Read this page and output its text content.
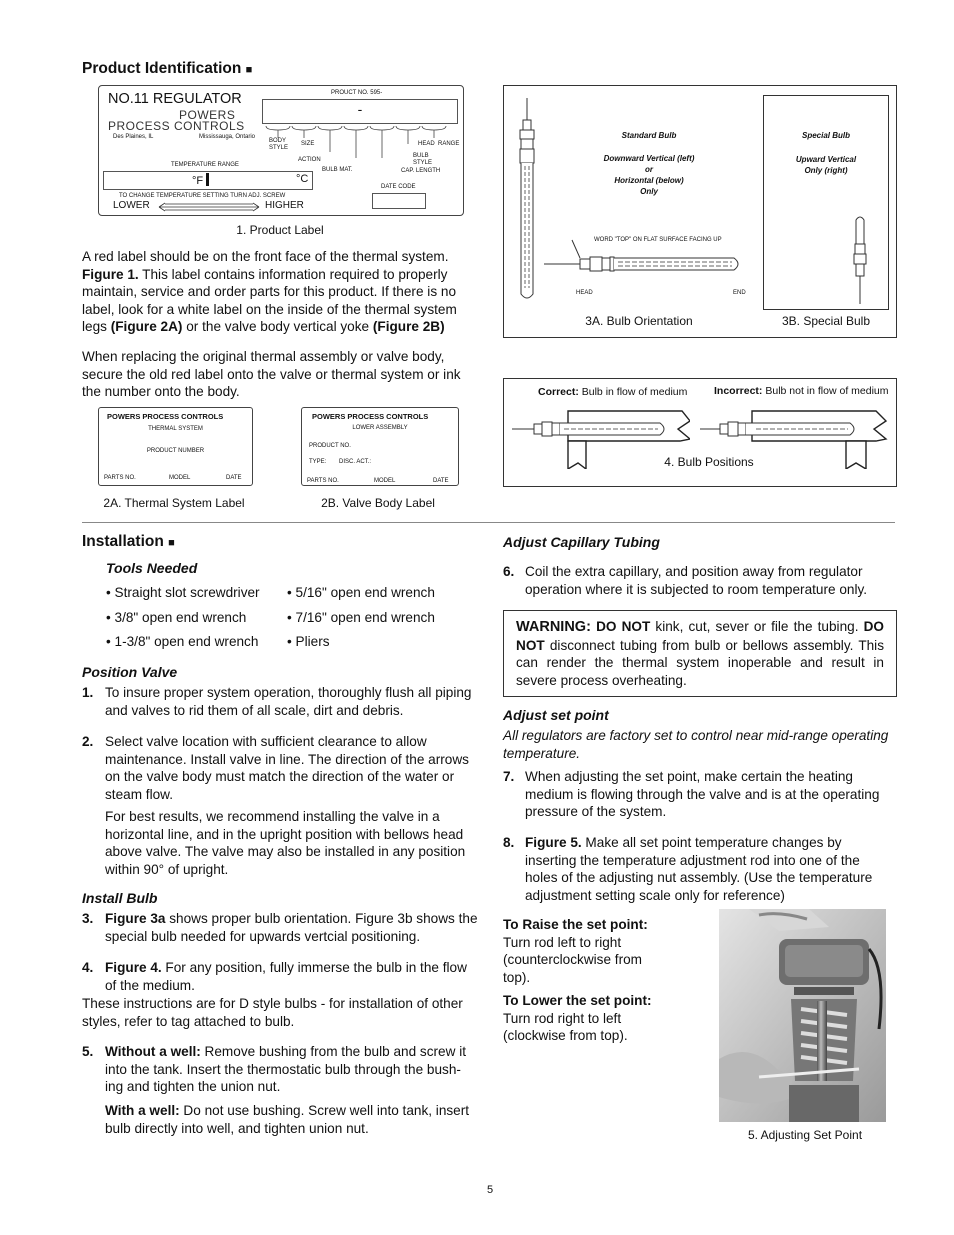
Product Identification ■
NO.11 REGULATOR
POWERS
PROCESS CONTROLS
Des Plaines, IL	Mississauga, Ontario
PROUCT NO. 595-
-
BODY STYLE
SIZE
ACTION
BULB MAT.
HEAD RANGE
BULB STYLE
CAP. LENGTH
TEMPERATURE RANGE
°F	°C
TO CHANGE TEMPERATURE SETTING TURN ADJ. SCREW
LOWER	HIGHER
DATE CODE
1. Product Label
A red label should be on the front face of the thermal system. Figure 1. This label contains information required to properly maintain, service and order parts for this product. If there is no label, look for a white label on the inside of the thermal system legs (Figure 2A) or the valve body vertical yoke (Figure 2B)
When replacing the original thermal assembly or valve body, secure the old red label onto the valve or thermal system or ink the number onto the body.
POWERS PROCESS CONTROLS
THERMAL SYSTEM
PRODUCT NUMBER
PARTS NO.	MODEL	DATE
2A. Thermal System Label
POWERS PROCESS CONTROLS
LOWER ASSEMBLY
PRODUCT NO.
TYPE: DISC. ACT.:
PARTS NO.	MODEL	DATE
2B. Valve Body Label
Standard Bulb
Downward Vertical (left)
or
Horizontal (below)
Only
WORD "TOP" ON FLAT SURFACE FACING UP
HEAD	END
Special Bulb
Upward Vertical
Only (right)
3A. Bulb Orientation	3B. Special Bulb
Correct: Bulb in flow of medium	Incorrect: Bulb not in flow of medium
4. Bulb Positions
Installation ■
Tools Needed
• Straight slot screwdriver • 5/16" open end wrench
• 3/8" open end wrench	• 7/16" open end wrench
• 1-3/8" open end wrench • Pliers
Position Valve
1. To insure proper system operation, thoroughly flush all piping and valves to rid them of all scale, dirt and debris.
2. Select valve location with sufficient clearance to allow maintenance. Install valve in line. The direction of the arrows on the valve body must match the direction of the water or steam flow.
For best results, we recommend installing the valve in a horizontal line, and in the upright position with bellows head above valve. The valve may also be installed in any position within 90° of upright.
Install Bulb
3. Figure 3a shows proper bulb orientation. Figure 3b shows the special bulb needed for upwards vertcial positioning.
4. Figure 4. For any position, fully immerse the bulb in the flow of the medium.
These instructions are for D style bulbs - for installation of other styles, refer to tag attached to bulb.
5. Without a well: Remove bushing from the bulb and screw it into the tank. Insert the thermostatic bulb through the bush-ing and tighten the union nut.
With a well: Do not use bushing. Screw well into tank, insert bulb directly into well, and tighten union nut.
Adjust Capillary Tubing
6. Coil the extra capillary, and position away from regulator operation where it is subjected to room temperature only.
WARNING: DO NOT kink, cut, sever or file the tubing. DO NOT disconnect tubing from bulb or bellows assembly. This can render the thermal system inoperable and result in severe process overheating.
Adjust set point
All regulators are factory set to control near mid-range operating temperature.
7. When adjusting the set point, make certain the heating medium is flowing through the valve and is at the operating pressure of the system.
8. Figure 5. Make all set point temperature changes by inserting the temperature adjustment rod into one of the holes of the adjusting nut assembly. (Use the temperature adjustment setting scale only for reference)
To Raise the set point:
Turn rod left to right (counterclockwise from top).
To Lower the set point:
Turn rod right to left (clockwise from top).
5. Adjusting Set Point
5
